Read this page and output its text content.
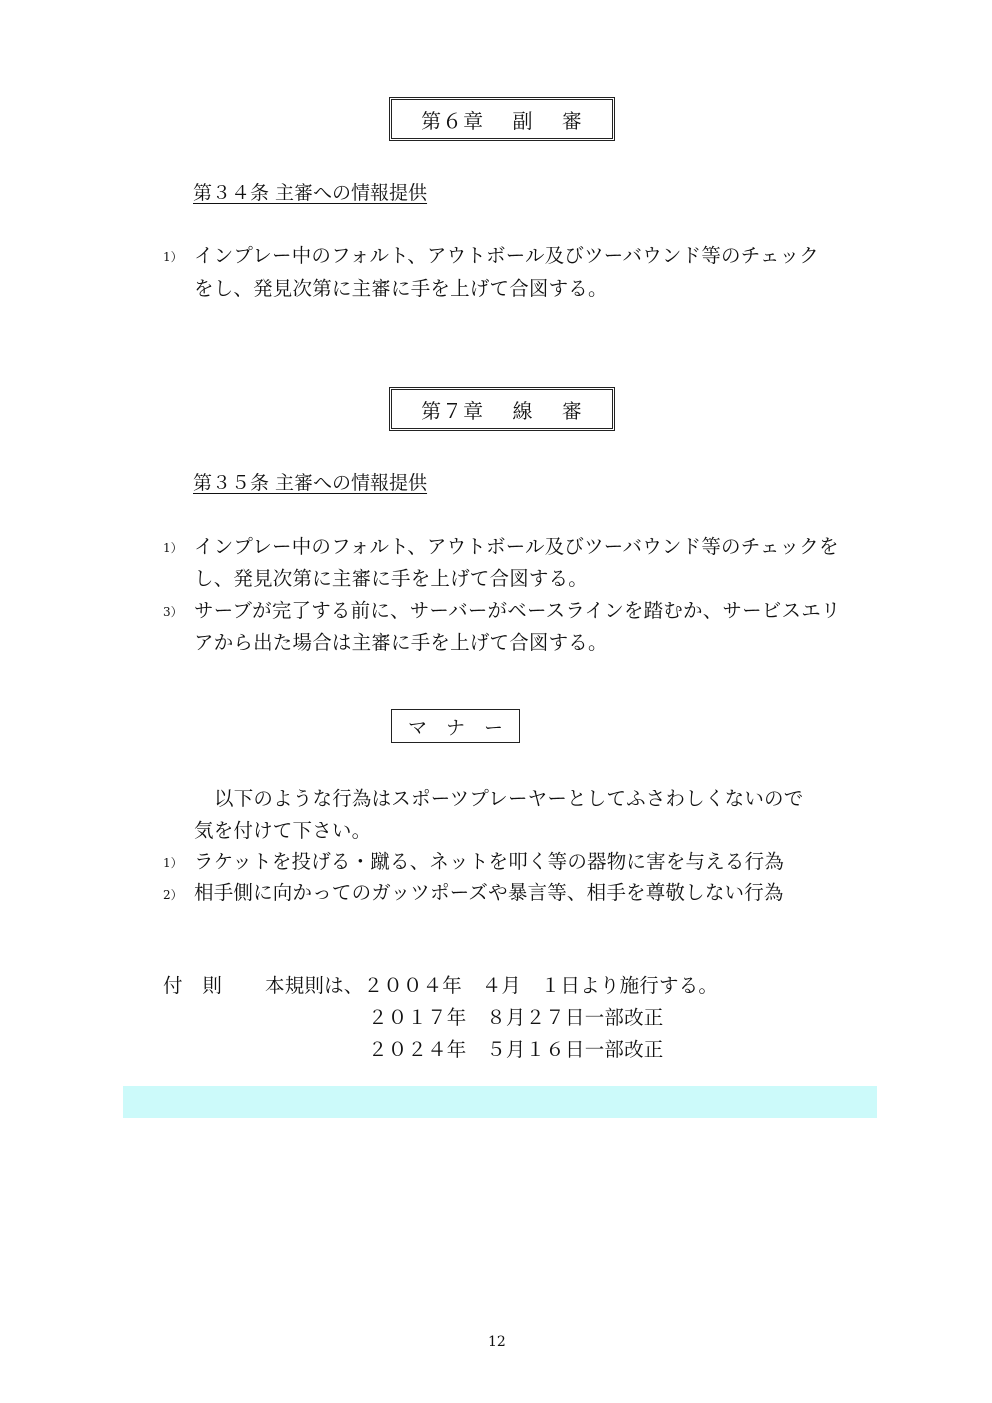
第６章　 副　 審
第３４条 主審への情報提供
1） インプレー中のフォルト、アウトボール及びツーバウンド等のチェック
をし、発見次第に主審に手を上げて合図する。
第７章　 線　 審
第３５条 主審への情報提供
1） インプレー中のフォルト、アウトボール及びツーバウンド等のチェックを
し、発見次第に主審に手を上げて合図する。
3） サーブが完了する前に、サーバーがベースラインを踏むか、サービスエリ
アから出た場合は主審に手を上げて合図する。
マ　ナ　ー
以下のような行為はスポーツプレーヤーとしてふさわしくないので
気を付けて下さい。
1） ラケットを投げる・蹴る、ネットを叩く等の器物に害を与える行為
2） 相手側に向かってのガッツポーズや暴言等、相手を尊敬しない行為
付　則 本規則は、２００４年　４月　１日より施行する。
２０１７年　８月２７日一部改正
２０２４年　５月１６日一部改正
12
